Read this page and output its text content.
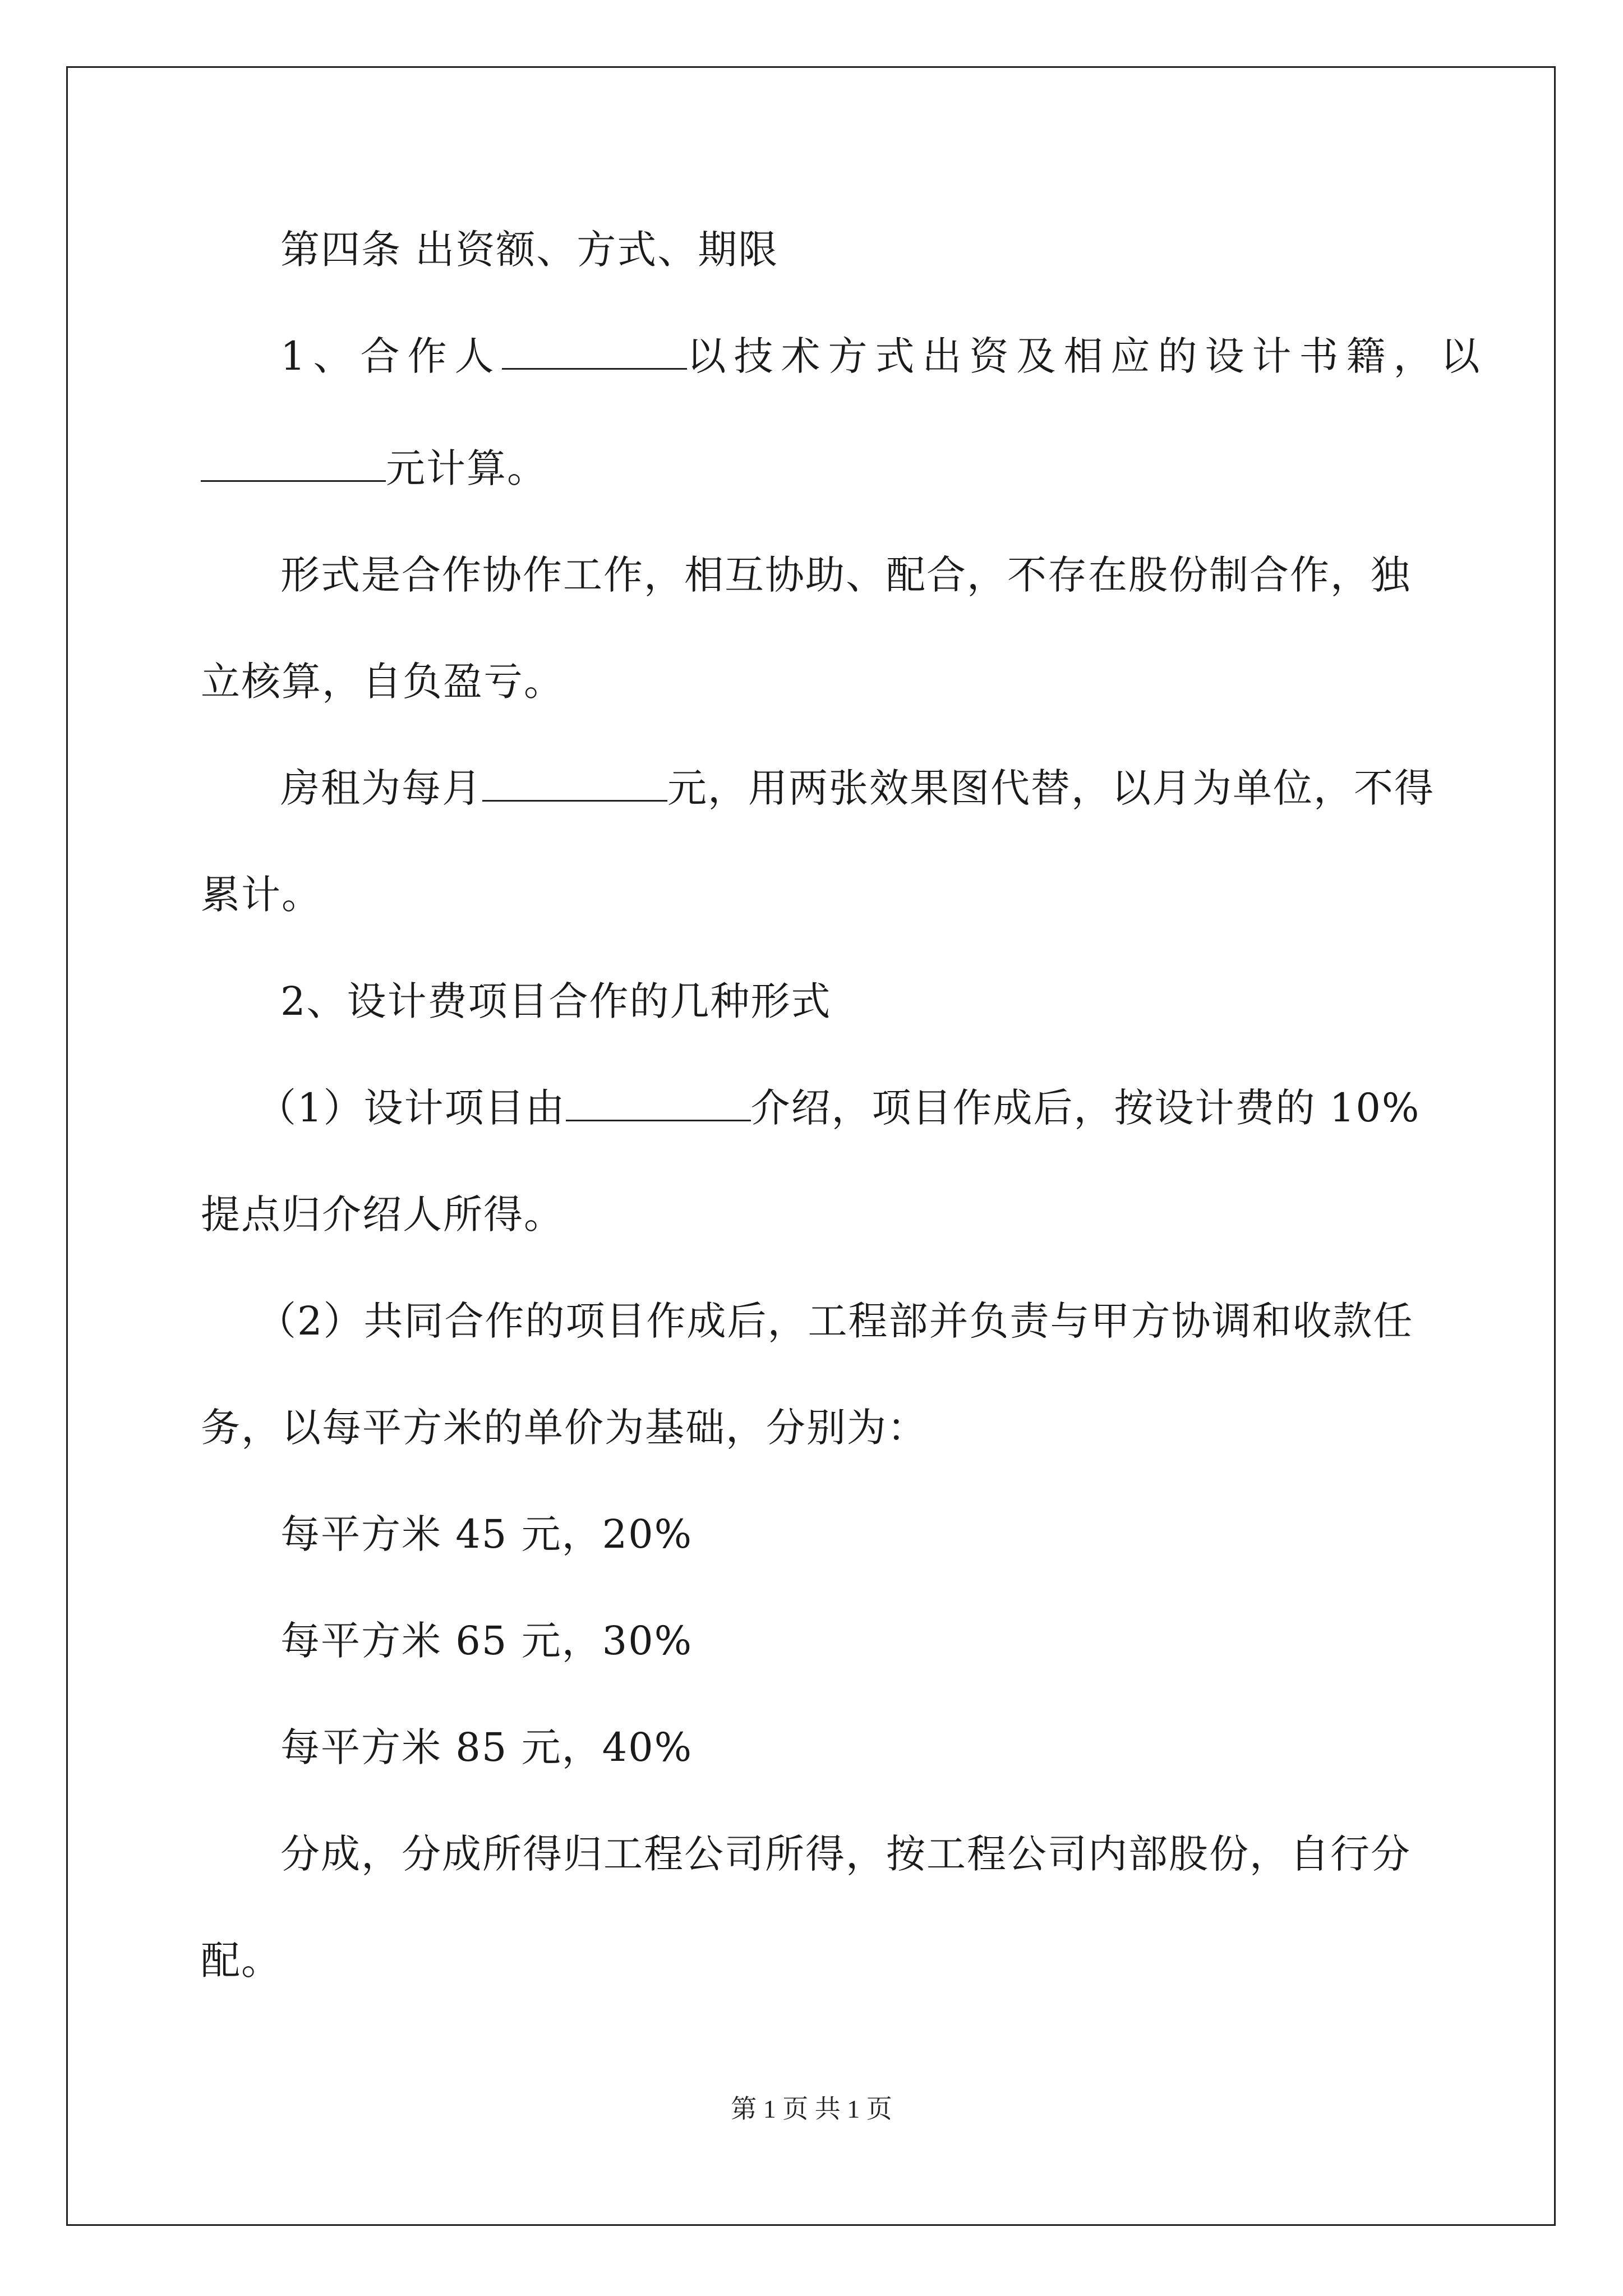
第四条 出资额、方式、期限
1、合作人	以技术方式出资及相应的设计书籍，以
元计算。
形式是合作协作工作，相互协助、配合，不存在股份制合作，独
立核算，自负盈亏。
房租为每月	元，用两张效果图代替，以月为单位，不得
累计。
2、设计费项目合作的几种形式
（1）设计项目由	介绍，项目作成后，按设计费的 10%
提点归介绍人所得。
（2）共同合作的项目作成后，工程部并负责与甲方协调和收款任
务，以每平方米的单价为基础，分别为：
每平方米 45 元，20%
每平方米 65 元，30%
每平方米 85 元，40%
分成，分成所得归工程公司所得，按工程公司内部股份，自行分
配。
第 1 页 共 1 页
